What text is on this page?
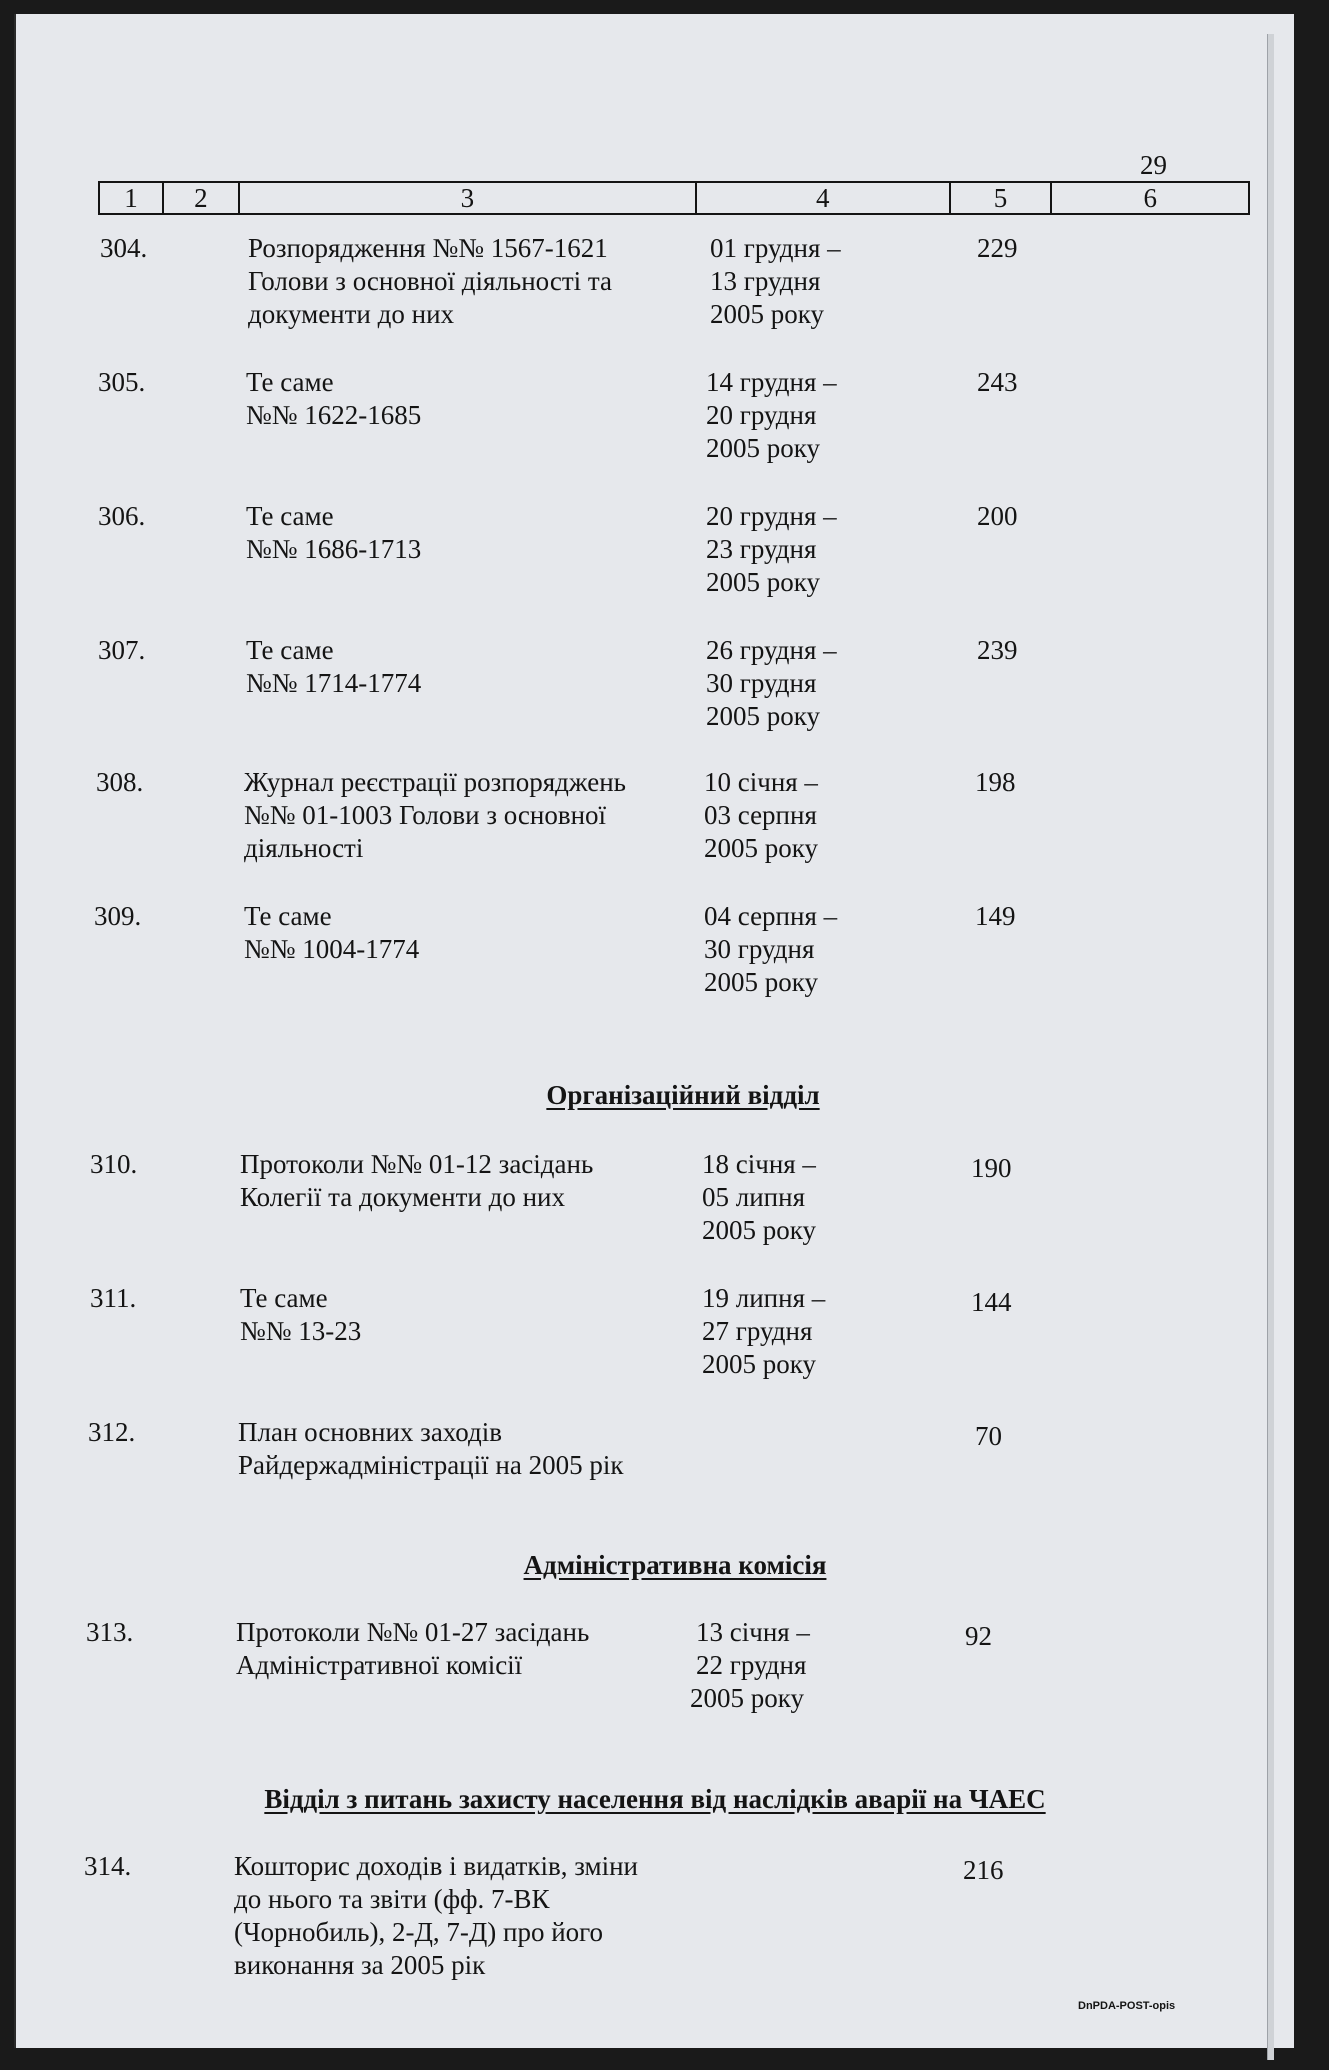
29
1	2	3	4	5	6
304.	Розпорядження №№ 1567-1621
Голови з основної діяльності та
документи до них
01 грудня –
13 грудня
2005 року
229
305.	Те саме
№№ 1622-1685
14 грудня –
20 грудня
2005 року
243
306.	Те саме
№№ 1686-1713
20 грудня –
23 грудня
2005 року
200
307.	Те саме
№№ 1714-1774
26 грудня –
30 грудня
2005 року
239
308.	Журнал реєстрації розпоряджень
№№ 01-1003 Голови з основної
діяльності
10 січня –
03 серпня
2005 року
198
309.	Те саме
№№ 1004-1774
04 серпня –
30 грудня
2005 року
149
Організаційний відділ
310.	Протоколи №№ 01-12 засідань
Колегії та документи до них
18 січня –
05 липня
2005 року
190
311.	Те саме
№№ 13-23
19 липня –
27 грудня
2005 року
144
312.	План основних заходів
Райдержадміністрації на 2005 рік
70
Адміністративна комісія
313.	Протоколи №№ 01-27 засідань
Адміністративної комісії
13 січня –
22 грудня
2005 року
92
Відділ з питань захисту населення від наслідків аварії на ЧАЕС
314.	Кошторис доходів і видатків, зміни
до нього та звіти (фф. 7-ВК
(Чорнобиль), 2-Д, 7-Д) про його
виконання за 2005 рік
216
DnPDA-POST-opis
